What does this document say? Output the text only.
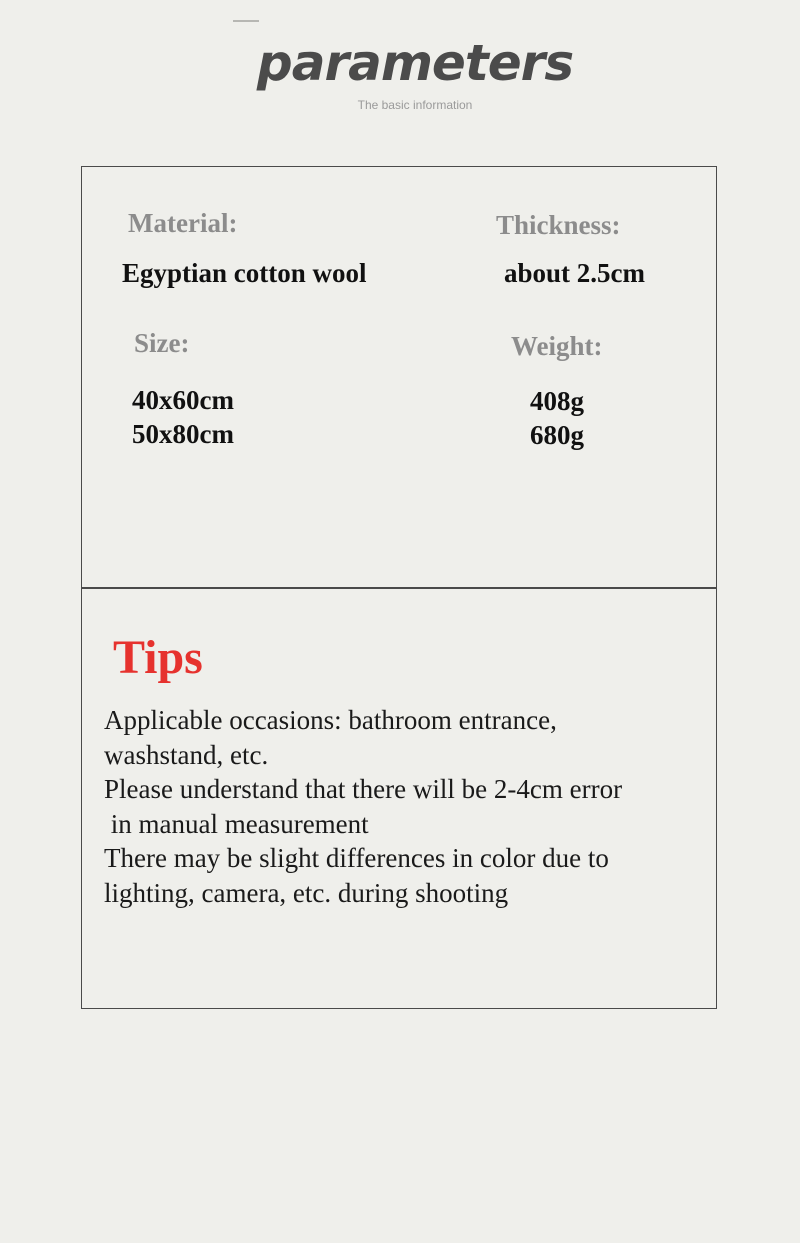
parameters
The basic information
Material:
Egyptian cotton wool
Thickness:
about 2.5cm
Size:
40x60cm
50x80cm
Weight:
408g
680g
Tips
Applicable occasions: bathroom entrance,
washstand, etc.
Please understand that there will be 2-4cm error
in manual measurement
There may be slight differences in color due to
lighting, camera, etc. during shooting
